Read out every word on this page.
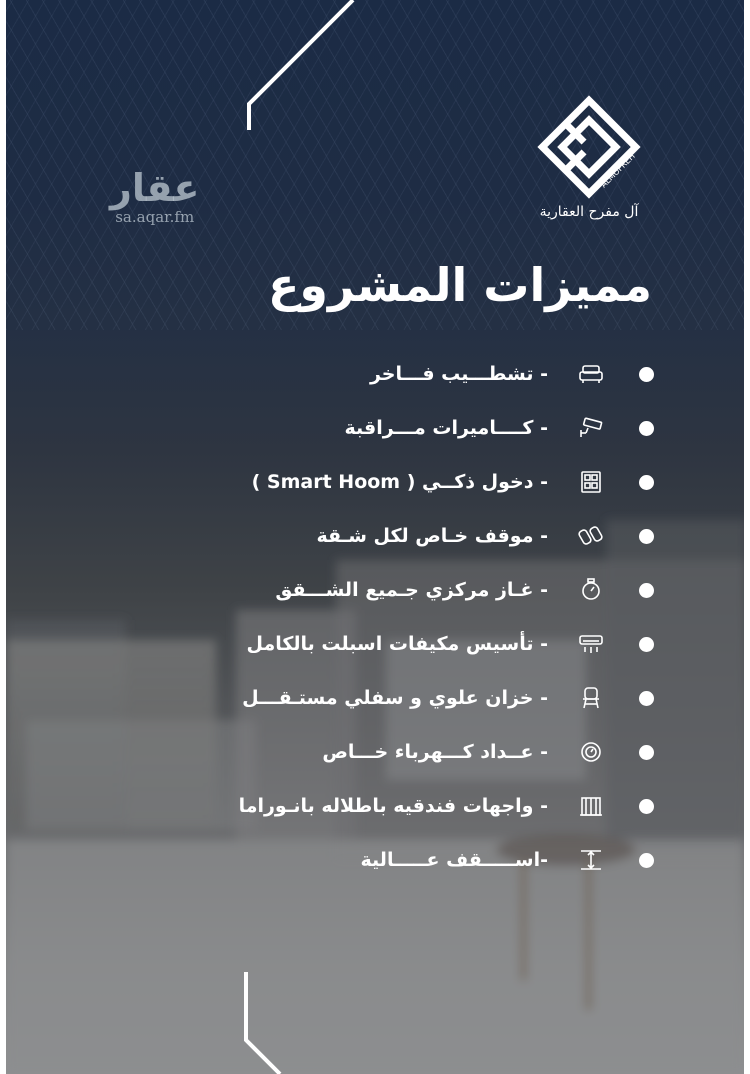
ALMOFREH
آل مفرح العقارية
عقار
sa.aqar.fm
مميزات المشروع
- تشطـــيب فـــاخر
- كــــاميرات مـــراقبة
- دخول ذكــي ( Smart Hoom )
- موقف خـاص لكل شـقة
- غـاز مركزي جـميع الشـــقق
- تأسيس مكيفات اسبلت بالكامل
- خزان علوي و سفلي مستـقـــل
- عــداد كـــهرباء خـــاص
- واجهات فندقيه باطلاله بانـوراما
-اســـــقف عـــــالية
